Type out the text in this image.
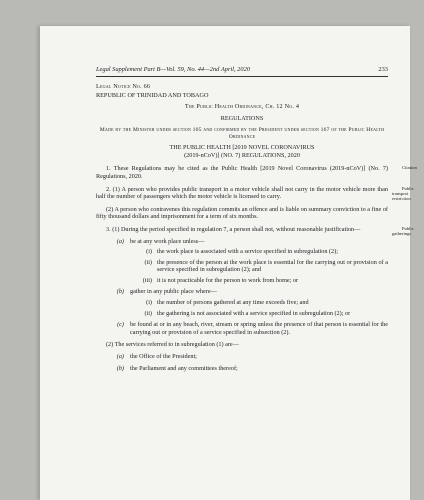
Legal Supplement Part B—Vol. 59, No. 44—2nd April, 2020	233

Legal Notice No. 66

REPUBLIC OF TRINIDAD AND TOBAGO

The Public Health Ordinance, Ch. 12 No. 4

REGULATIONS

Made by the Minister under section 105 and confirmed by the President under section 167 of the Public Health Ordinance

THE PUBLIC HEALTH [2019 NOVEL CORONAVIRUS

(2019-nCoV)] (NO. 7) REGULATIONS, 2020

1. These Regulations may be cited as the Public Health [2019 Novel Coronavirus (2019-nCoV)] (No. 7) Regulations, 2020.
Citation
2. (1) A person who provides public transport in a motor vehicle shall not carry in the motor vehicle more than half the number of passengers which the motor vehicle is licensed to carry.
Public transport restriction
(2) A person who contravenes this regulation commits an offence and is liable on summary conviction to a fine of fifty thousand dollars and imprisonment for a term of six months.
3. (1) During the period specified in regulation 7, a person shall not, without reasonable justification—	Public gatherings
(a) be at any work place unless—
(i) the work place is associated with a service specified in subregulation (2);
(ii) the presence of the person at the work place is essential for the carrying out or provision of a service specified in subregulation (2); and
(iii) it is not practicable for the person to work from home; or
(b) gather in any public place where—
(i) the number of persons gathered at any time exceeds five; and
(ii) the gathering is not associated with a service specified in subregulation (2); or
(c) be found at or in any beach, river, stream or spring unless the presence of that person is essential for the carrying out or provision of a service specified in subsection (2).
(2) The services referred to in subregulation (1) are—
(a) the Office of the President;
(b) the Parliament and any committees thereof;
